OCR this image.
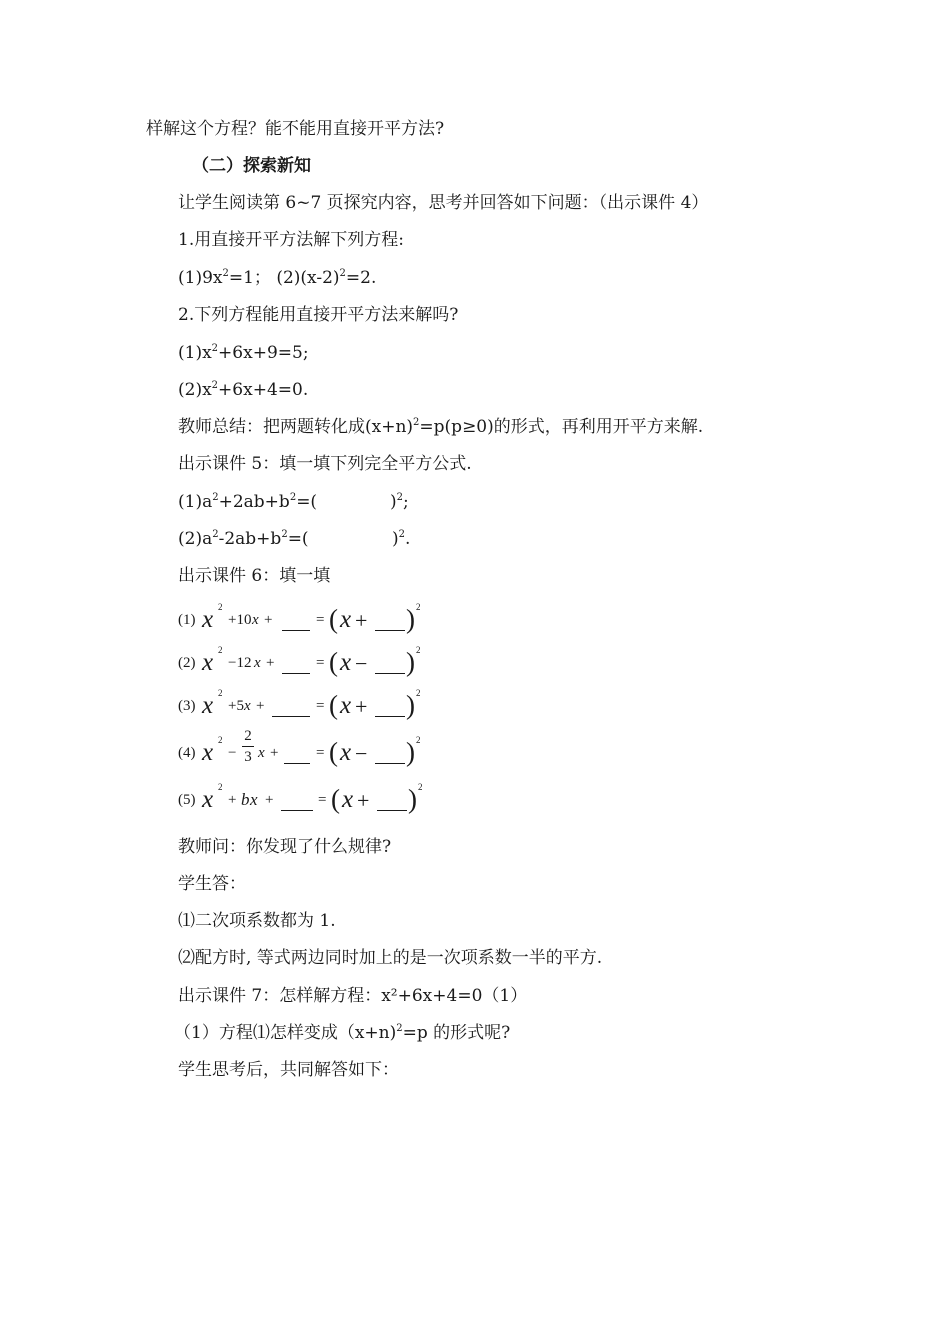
样解这个方程？能不能用直接开平方法?
（二）探索新知
让学生阅读第 6~7 页探究内容，思考并回答如下问题：（出示课件 4）
1.用直接开平方法解下列方程:
$(1)9x^2=1$； $(2)(x-2)^2=2$.
2.下列方程能用直接开平方法来解吗?
$(1)x^2+6x+9=5$;
$(2)x^2+6x+4=0$.
教师总结：把两题转化成$(x+n)^2=p(p\ge 0)$的形式，再利用开平方来解.
出示课件 5：填一填下列完全平方公式.
$(1)a^2+2ab+b^2=$(	)$^2$;
$(2)a^2-2ab+b^2=$(	)$^2$.
出示课件 6：填一填
(1) x 2
+10 x +	= ( x + ) 2
(2) x 2
−12 x +	= ( x − ) 2
(3) x 2
+5 x +	= ( x + ) 2
(4) x 2
−
2
3 x +	= ( x − ) 2
(5) x 2
+ b x +	= ( x + ) 2
教师问：你发现了什么规律?
学生答：
⑴二次项系数都为 1.
⑵配方时, 等式两边同时加上的是一次项系数一半的平方.
出示课件 7：怎样解方程：x²+6x+4=0（1）
（1）方程⑴怎样变成（x+n)$^2$=p 的形式呢?
学生思考后，共同解答如下：
